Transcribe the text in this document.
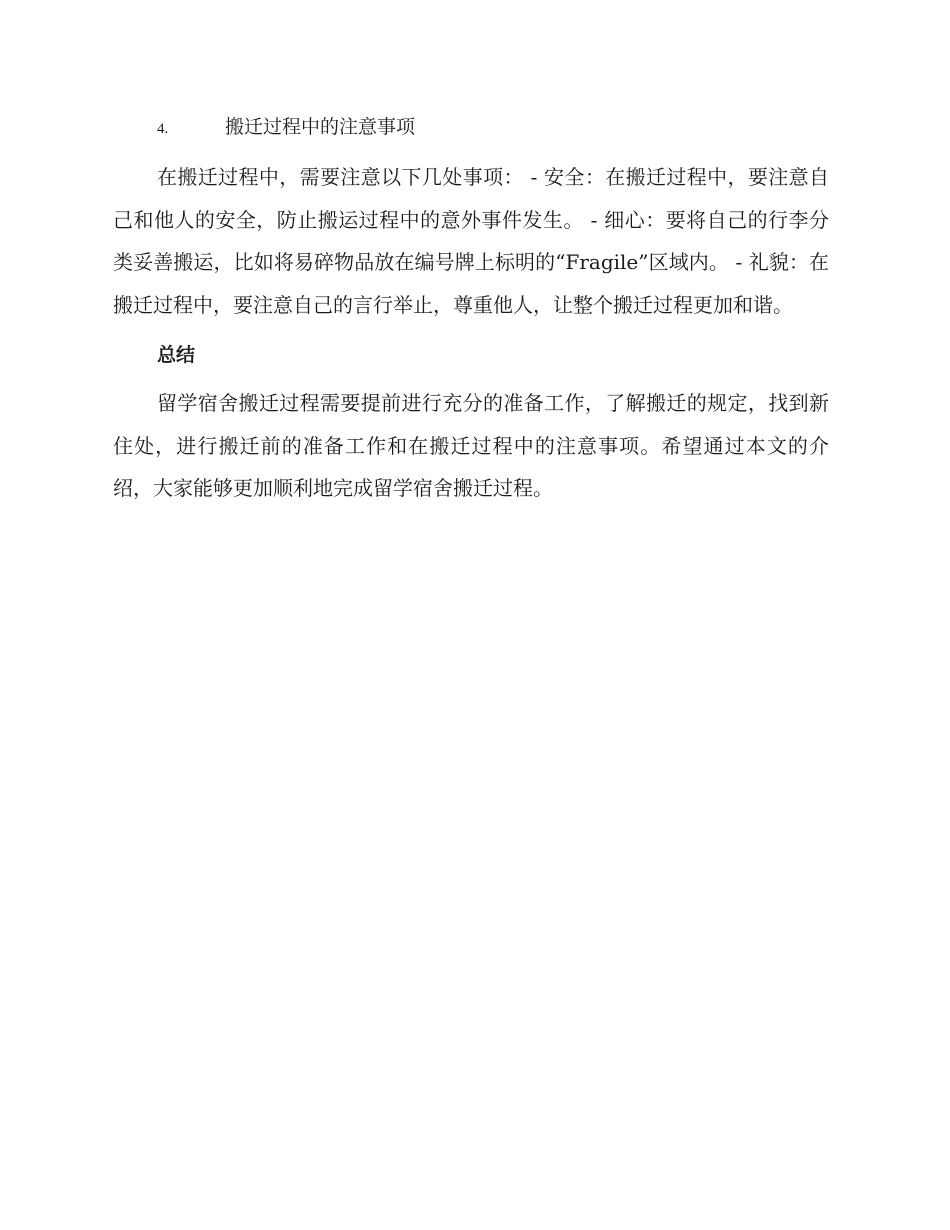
4.	搬迁过程中的注意事项

在搬迁过程中，需要注意以下几处事项： - 安全：在搬迁过程中，要注意自己和他人的安全，防止搬运过程中的意外事件发生。 - 细心：要将自己的行李分类妥善搬运，比如将易碎物品放在编号牌上标明的“Fragile”区域内。 - 礼貌：在搬迁过程中，要注意自己的言行举止，尊重他人，让整个搬迁过程更加和谐。

总结

留学宿舍搬迁过程需要提前进行充分的准备工作，了解搬迁的规定，找到新住处，进行搬迁前的准备工作和在搬迁过程中的注意事项。希望通过本文的介绍，大家能够更加顺利地完成留学宿舍搬迁过程。
